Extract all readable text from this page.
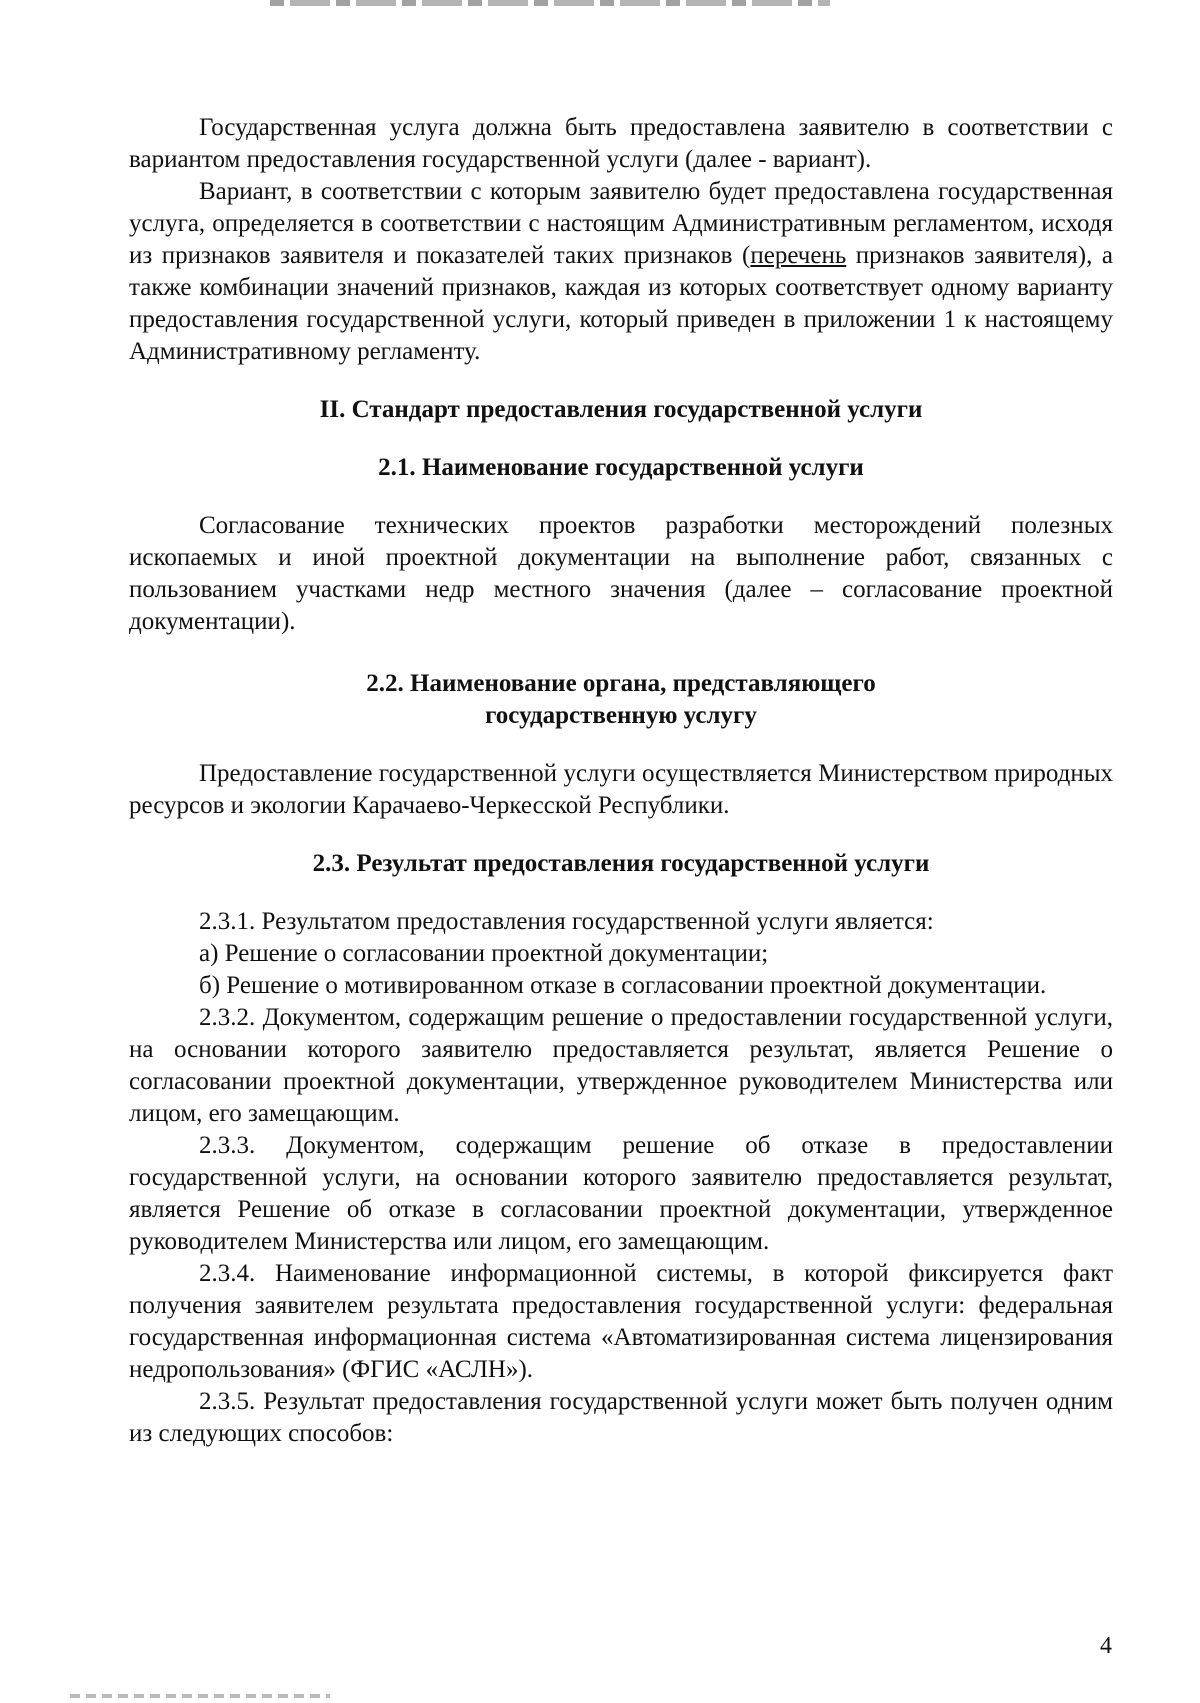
Государственная услуга должна быть предоставлена заявителю в соответствии с вариантом предоставления государственной услуги (далее - вариант).

Вариант, в соответствии с которым заявителю будет предоставлена государственная услуга, определяется в соответствии с настоящим Административным регламентом, исходя из признаков заявителя и показателей таких признаков (перечень признаков заявителя), а также комбинации значений признаков, каждая из которых соответствует одному варианту предоставления государственной услуги, который приведен в приложении 1 к настоящему Административному регламенту.

II. Стандарт предоставления государственной услуги

2.1. Наименование государственной услуги

Согласование технических проектов разработки месторождений полезных ископаемых и иной проектной документации на выполнение работ, связанных с пользованием участками недр местного значения (далее – согласование проектной документации).

2.2. Наименование органа, представляющего

государственную услугу

Предоставление государственной услуги осуществляется Министерством природных ресурсов и экологии Карачаево-Черкесской Республики.

2.3. Результат предоставления государственной услуги

2.3.1. Результатом предоставления государственной услуги является:

а) Решение о согласовании проектной документации;

б) Решение о мотивированном отказе в согласовании проектной документации.

2.3.2. Документом, содержащим решение о предоставлении государственной услуги, на основании которого заявителю предоставляется результат, является Решение о согласовании проектной документации, утвержденное руководителем Министерства или лицом, его замещающим.

2.3.3. Документом, содержащим решение об отказе в предоставлении государственной услуги, на основании которого заявителю предоставляется результат, является Решение об отказе в согласовании проектной документации, утвержденное руководителем Министерства или лицом, его замещающим.

2.3.4. Наименование информационной системы, в которой фиксируется факт получения заявителем результата предоставления государственной услуги: федеральная государственная информационная система «Автоматизированная система лицензирования недропользования» (ФГИС «АСЛН»).

2.3.5. Результат предоставления государственной услуги может быть получен одним из следующих способов:

4
